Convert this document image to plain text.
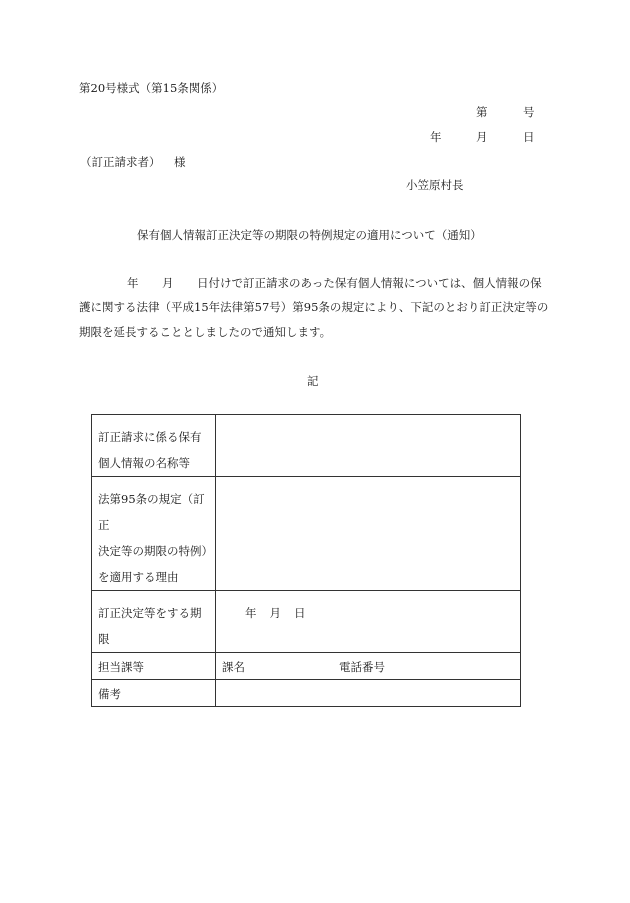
第20号様式（第15条関係）
第	号
年	月	日
（訂正請求者） 様
小笠原村長
保有個人情報訂正決定等の期限の特例規定の適用について（通知）
年 月 日付けで訂正請求のあった保有個人情報については、個人情報の保
護に関する法律（平成15年法律第57号）第95条の規定により、下記のとおり訂正決定等の
期限を延長することとしましたので通知します。
記
訂正請求に係る保有
個人情報の名称等	

法第95条の規定（訂正
決定等の期限の特例）
を適用する理由	

訂正決定等をする期
限	年 月 日

担当課等	課名 電話番号

備考	
